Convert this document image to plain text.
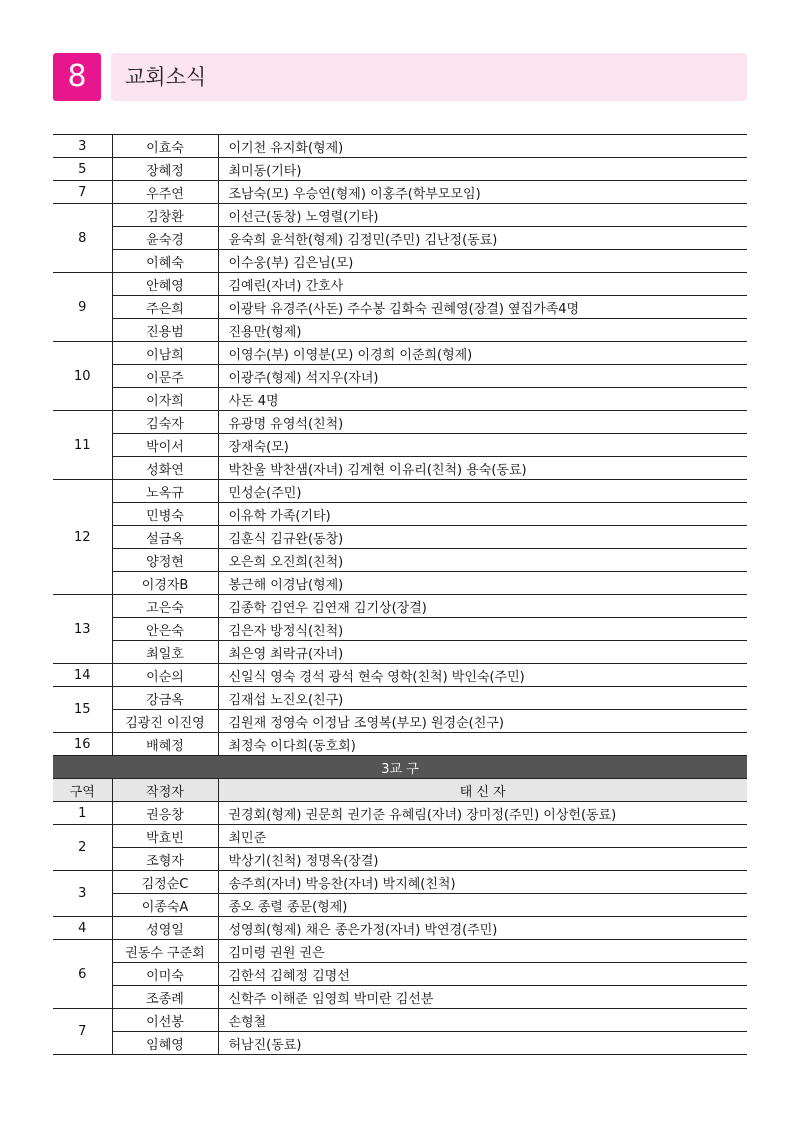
8	교회소식
3	이효숙	이기천 유지화(형제)
5	장혜정	최미동(기타)
7	우주연	조남숙(모) 우승연(형제) 이홍주(학부모모임)
8	김창환	이선근(동창) 노영렬(기타)
	윤숙경	윤숙희 윤석한(형제) 김정민(주민) 김난정(동료)
	이혜숙	이수웅(부) 김은님(모)
9	안혜영	김예린(자녀) 간호사
	주은희	이광탁 유경주(사돈) 주수봉 김화숙 권혜영(장결) 옆집가족4명
	진용범	진용만(형제)
10	이남희	이영수(부) 이영분(모) 이경희 이준희(형제)
	이문주	이광주(형제) 석지우(자녀)
	이자희	사돈 4명
11	김숙자	유광명 유영석(친척)
	박이서	장재숙(모)
	성화연	박찬울 박찬샘(자녀) 김계현 이유리(친척) 용숙(동료)
12	노옥규	민성순(주민)
	민병숙	이유학 가족(기타)
	설금옥	김훈식 김규완(동창)
	양정현	오은희 오진희(친척)
	이경자B	봉근해 이경남(형제)
13	고은숙	김종학 김연우 김연재 김기상(장결)
	안은숙	김은자 방정식(친척)
	최일호	최은영 최락규(자녀)
14	이순의	신일식 영숙 경석 광석 현숙 영학(친척) 박인숙(주민)
15	강금옥	김재섭 노진오(친구)
	김광진 이진영	김원재 정영숙 이정남 조영복(부모) 원경순(친구)
16	배혜정	최정숙 이다희(동호회)
3교 구		
구역	작정자	태 신 자
1	권응창	권경회(형제) 권문희 권기준 유혜림(자녀) 장미정(주민) 이상헌(동료)
2	박효빈	최민준
	조형자	박상기(친척) 정명옥(장결)
3	김정순C	송주희(자녀) 박응찬(자녀) 박지혜(친척)
	이종숙A	종오 종렬 종문(형제)
4	성영일	성영희(형제) 채은 종은가정(자녀) 박연경(주민)
6	권동수 구준회	김미령 권원 권은
	이미숙	김한석 김혜정 김명선
	조종례	신학주 이해준 임영희 박미란 김선분
7	이선봉	손형철
	임혜영	허남진(동료)
